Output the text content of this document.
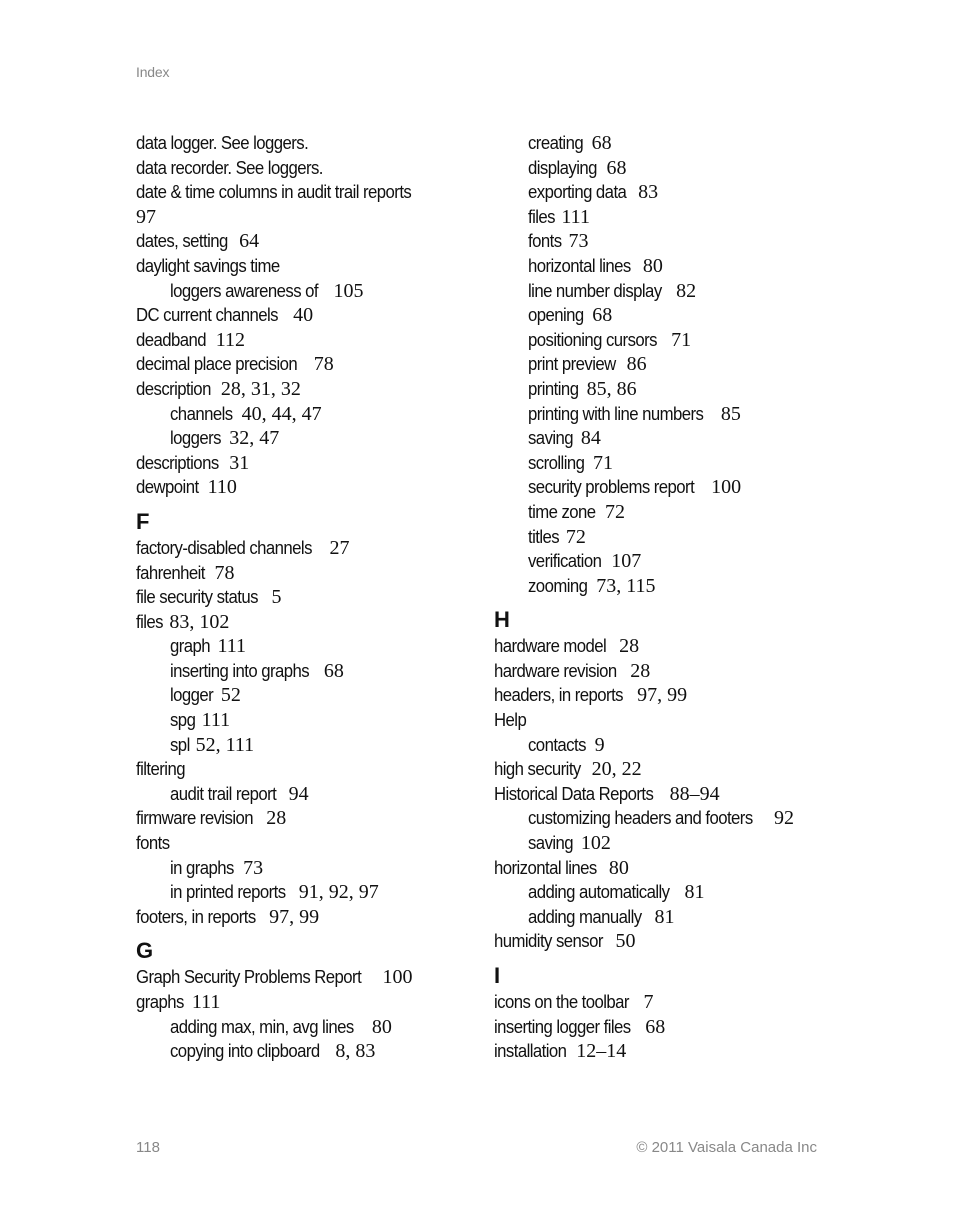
Index
data logger. See loggers.
data recorder. See loggers.
date & time columns in audit trail reports
97
dates, setting 64
daylight savings time
loggers awareness of 105
DC current channels 40
deadband 112
decimal place precision 78
description 28, 31, 32
channels 40, 44, 47
loggers 32, 47
descriptions 31
dewpoint 110
F
factory-disabled channels 27
fahrenheit 78
file security status 5
files 83, 102
graph 111
inserting into graphs 68
logger 52
spg 111
spl 52, 111
filtering
audit trail report 94
firmware revision 28
fonts
in graphs 73
in printed reports 91, 92, 97
footers, in reports 97, 99
G
Graph Security Problems Report 100
graphs 111
adding max, min, avg lines 80
copying into clipboard 8, 83
creating 68
displaying 68
exporting data 83
files 111
fonts 73
horizontal lines 80
line number display 82
opening 68
positioning cursors 71
print preview 86
printing 85, 86
printing with line numbers 85
saving 84
scrolling 71
security problems report 100
time zone 72
titles 72
verification 107
zooming 73, 115
H
hardware model 28
hardware revision 28
headers, in reports 97, 99
Help
contacts 9
high security 20, 22
Historical Data Reports 88–94
customizing headers and footers 92
saving 102
horizontal lines 80
adding automatically 81
adding manually 81
humidity sensor 50
I
icons on the toolbar 7
inserting logger files 68
installation 12–14
118	© 2011 Vaisala Canada Inc
